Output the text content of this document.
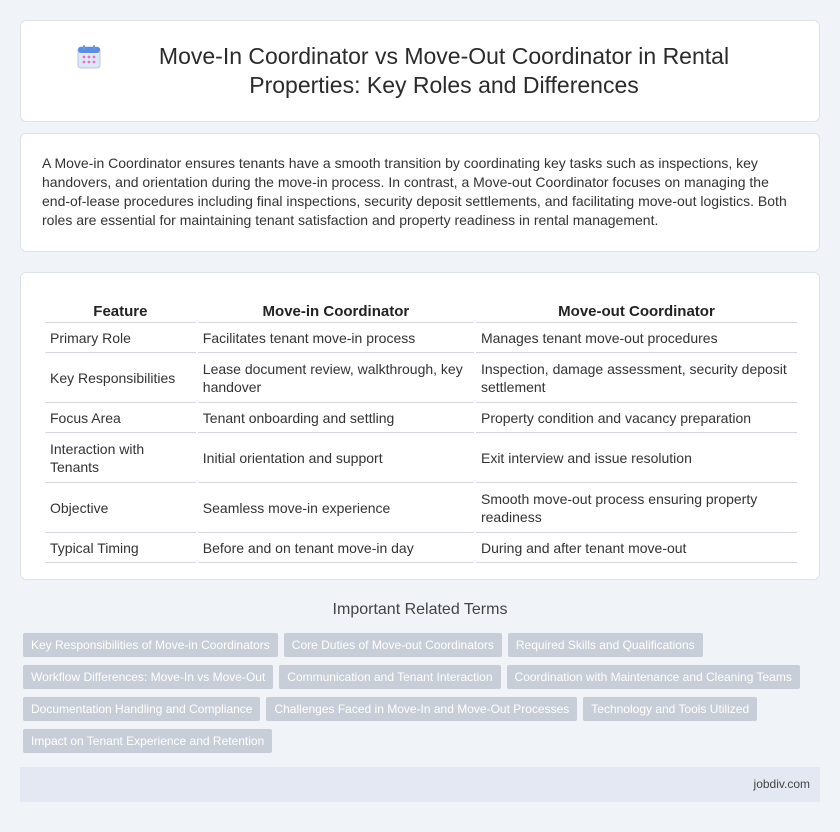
Move-In Coordinator vs Move-Out Coordinator in Rental Properties: Key Roles and Differences

A Move-in Coordinator ensures tenants have a smooth transition by coordinating key tasks such as inspections, key handovers, and orientation during the move-in process. In contrast, a Move-out Coordinator focuses on managing the end-of-lease procedures including final inspections, security deposit settlements, and facilitating move-out logistics. Both roles are essential for maintaining tenant satisfaction and property readiness in rental management.

Feature	Move-in Coordinator	Move-out Coordinator
Primary Role	Facilitates tenant move-in process	Manages tenant move-out procedures
Key Responsibilities	Lease document review, walkthrough, key handover	Inspection, damage assessment, security deposit settlement
Focus Area	Tenant onboarding and settling	Property condition and vacancy preparation
Interaction with Tenants	Initial orientation and support	Exit interview and issue resolution
Objective	Seamless move-in experience	Smooth move-out process ensuring property readiness
Typical Timing	Before and on tenant move-in day	During and after tenant move-out
Important Related Terms
Key Responsibilities of Move-in Coordinators Core Duties of Move-out Coordinators Required Skills and Qualifications
Workflow Differences: Move-In vs Move-Out Communication and Tenant Interaction Coordination with Maintenance and Cleaning Teams
Documentation Handling and Compliance Challenges Faced in Move-In and Move-Out Processes Technology and Tools Utilized
Impact on Tenant Experience and Retention
jobdiv.com
